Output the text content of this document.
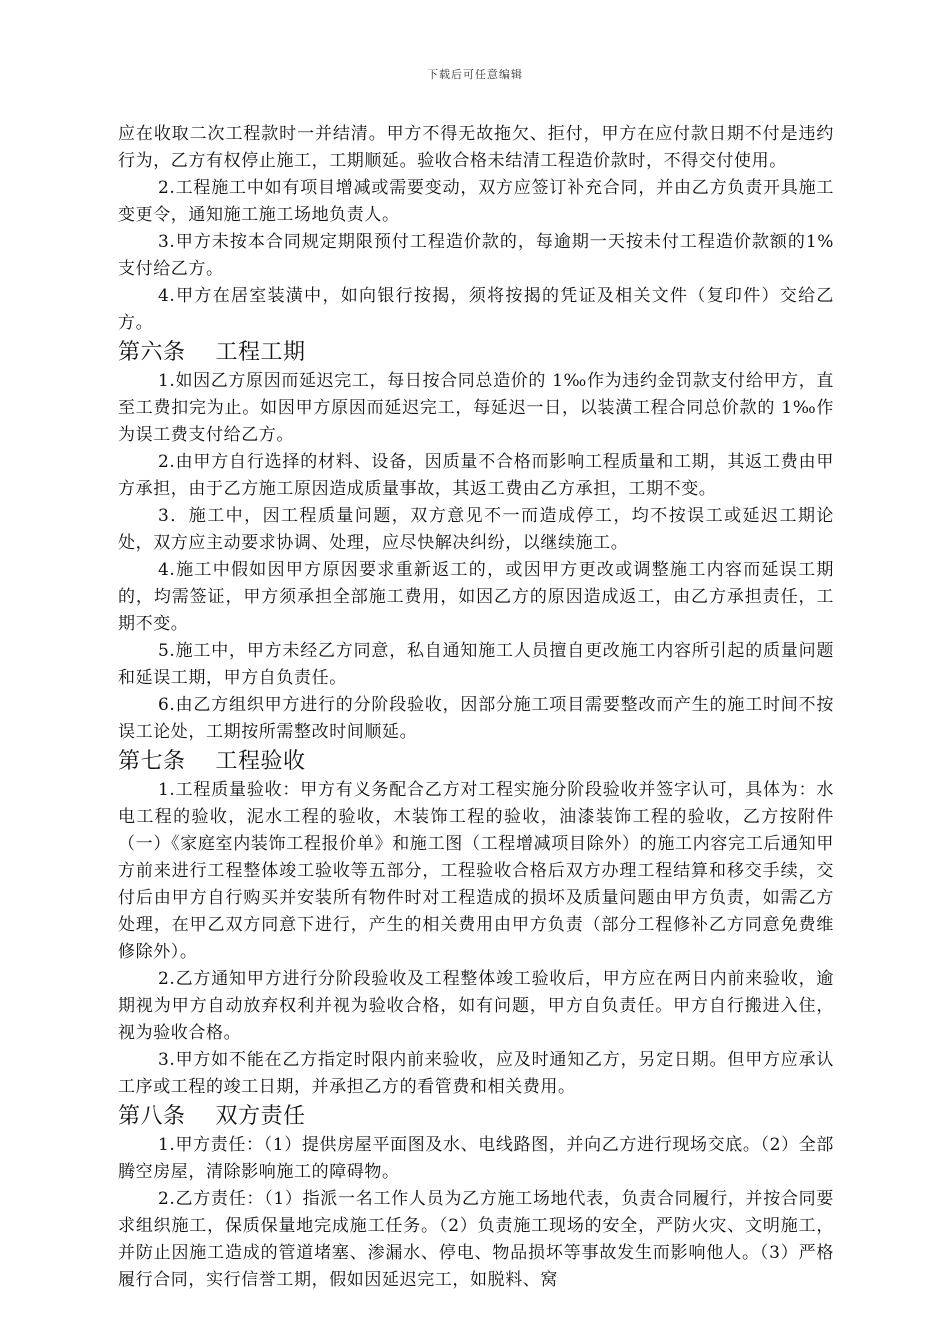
下载后可任意编辑

应在收取二次工程款时一并结清。甲方不得无故拖欠、拒付，甲方在应付款日期不付是违约行为，乙方有权停止施工，工期顺延。验收合格未结清工程造价款时，不得交付使用。

2.工程施工中如有项目增减或需要变动，双方应签订补充合同，并由乙方负责开具施工变更令，通知施工施工场地负责人。

3.甲方未按本合同规定期限预付工程造价款的，每逾期一天按未付工程造价款额的1%支付给乙方。

4.甲方在居室装潢中，如向银行按揭，须将按揭的凭证及相关文件（复印件）交给乙方。

第六条　 工程工期

1.如因乙方原因而延迟完工，每日按合同总造价的 1‰作为违约金罚款支付给甲方，直至工费扣完为止。如因甲方原因而延迟完工，每延迟一日，以装潢工程合同总价款的 1‰作为误工费支付给乙方。

2.由甲方自行选择的材料、设备，因质量不合格而影响工程质量和工期，其返工费由甲方承担，由于乙方施工原因造成质量事故，其返工费由乙方承担，工期不变。

3．施工中，因工程质量问题，双方意见不一而造成停工，均不按误工或延迟工期论处，双方应主动要求协调、处理，应尽快解决纠纷，以继续施工。

4.施工中假如因甲方原因要求重新返工的，或因甲方更改或调整施工内容而延误工期的，均需签证，甲方须承担全部施工费用，如因乙方的原因造成返工，由乙方承担责任，工期不变。

5.施工中，甲方未经乙方同意，私自通知施工人员擅自更改施工内容所引起的质量问题和延误工期，甲方自负责任。

6.由乙方组织甲方进行的分阶段验收，因部分施工项目需要整改而产生的施工时间不按误工论处，工期按所需整改时间顺延。

第七条　 工程验收

1.工程质量验收：甲方有义务配合乙方对工程实施分阶段验收并签字认可，具体为：水电工程的验收，泥水工程的验收，木装饰工程的验收，油漆装饰工程的验收，乙方按附件（一）《家庭室内装饰工程报价单》和施工图（工程增减项目除外）的施工内容完工后通知甲方前来进行工程整体竣工验收等五部分，工程验收合格后双方办理工程结算和移交手续，交付后由甲方自行购买并安装所有物件时对工程造成的损坏及质量问题由甲方负责，如需乙方处理，在甲乙双方同意下进行，产生的相关费用由甲方负责（部分工程修补乙方同意免费维修除外）。

2.乙方通知甲方进行分阶段验收及工程整体竣工验收后，甲方应在两日内前来验收，逾期视为甲方自动放弃权利并视为验收合格，如有问题，甲方自负责任。甲方自行搬进入住，视为验收合格。

3.甲方如不能在乙方指定时限内前来验收，应及时通知乙方，另定日期。但甲方应承认工序或工程的竣工日期，并承担乙方的看管费和相关费用。

第八条　 双方责任

1.甲方责任：（1）提供房屋平面图及水、电线路图，并向乙方进行现场交底。（2）全部腾空房屋，清除影响施工的障碍物。

2.乙方责任：（1）指派一名工作人员为乙方施工场地代表，负责合同履行，并按合同要求组织施工，保质保量地完成施工任务。（2）负责施工现场的安全，严防火灾、文明施工，并防止因施工造成的管道堵塞、渗漏水、停电、物品损坏等事故发生而影响他人。（3）严格履行合同，实行信誉工期，假如因延迟完工，如脱料、窝
